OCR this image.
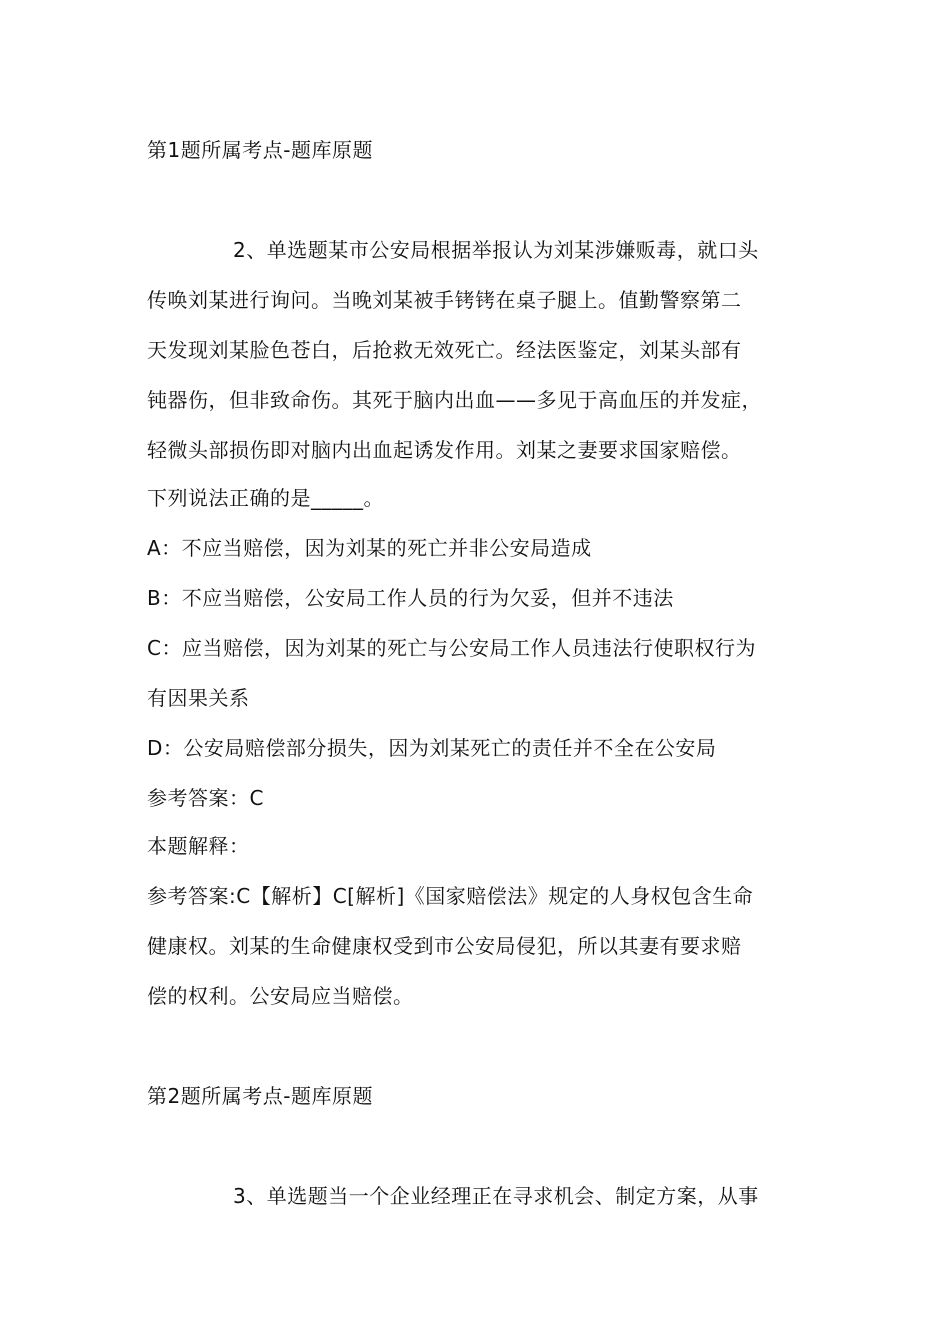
第1题所属考点-题库原题
2、单选题某市公安局根据举报认为刘某涉嫌贩毒，就口头
传唤刘某进行询问。当晚刘某被手铐铐在桌子腿上。值勤警察第二
天发现刘某脸色苍白，后抢救无效死亡。经法医鉴定，刘某头部有
钝器伤，但非致命伤。其死于脑内出血——多见于高血压的并发症，
轻微头部损伤即对脑内出血起诱发作用。刘某之妻要求国家赔偿。
下列说法正确的是_____。
A：不应当赔偿，因为刘某的死亡并非公安局造成
B：不应当赔偿，公安局工作人员的行为欠妥，但并不违法
C：应当赔偿，因为刘某的死亡与公安局工作人员违法行使职权行为
有因果关系
D：公安局赔偿部分损失，因为刘某死亡的责任并不全在公安局
参考答案：C
本题解释：
参考答案:C【解析】C[解析]《国家赔偿法》规定的人身权包含生命
健康权。刘某的生命健康权受到市公安局侵犯，所以其妻有要求赔
偿的权利。公安局应当赔偿。
第2题所属考点-题库原题
3、单选题当一个企业经理正在寻求机会、制定方案，从事
